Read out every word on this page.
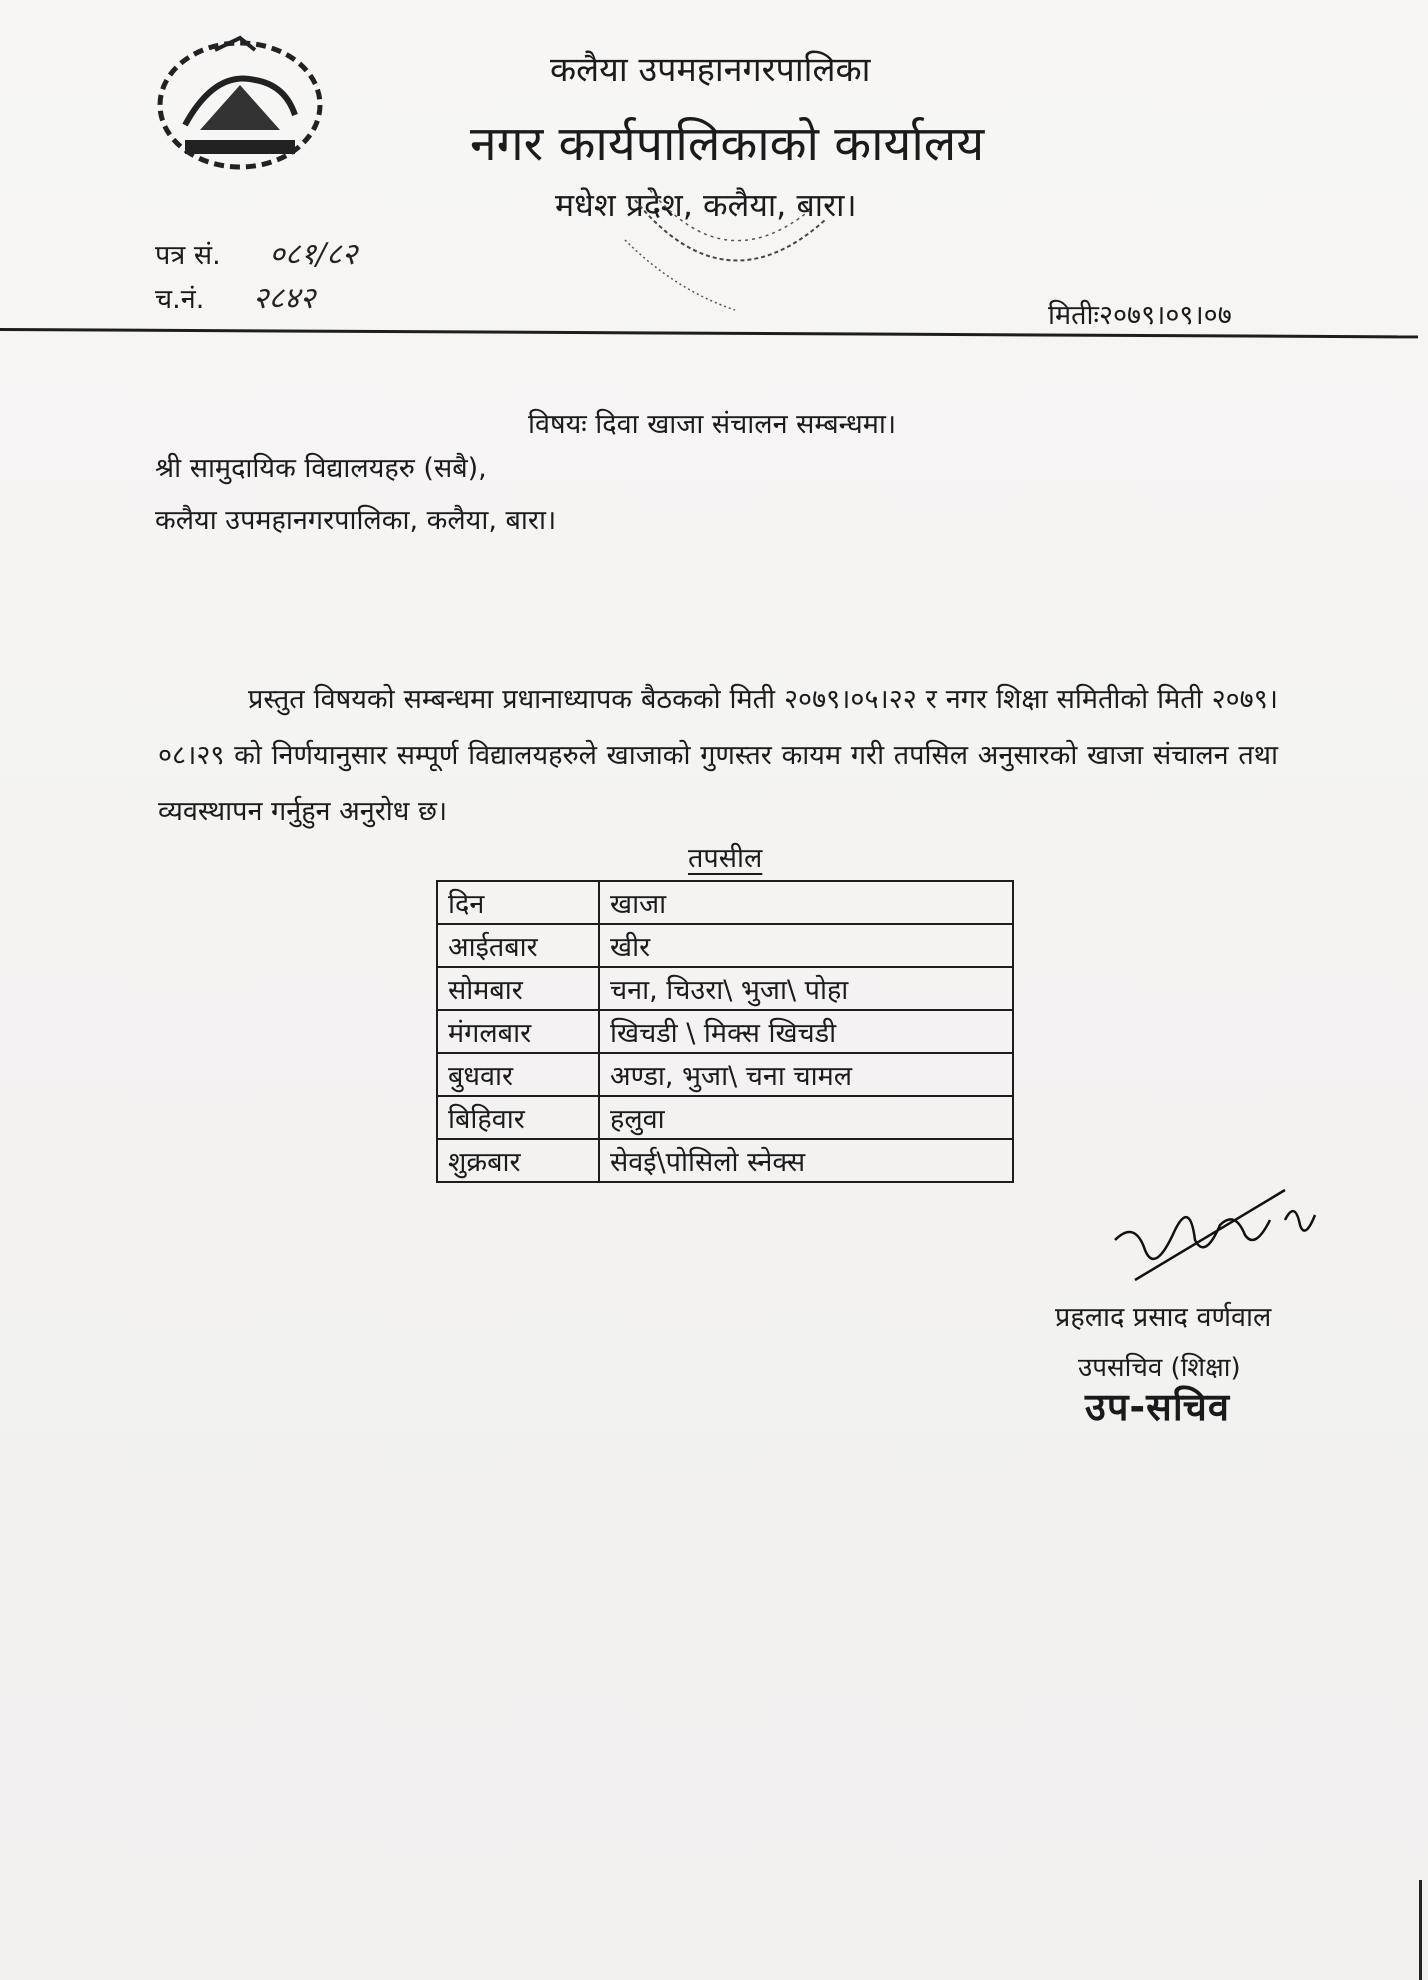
कलैया उपमहानगरपालिका
नगर कार्यपालिकाको कार्यालय
मधेश प्रदेश, कलैया, बारा।
पत्र सं. ०८१/८२
च.नं. २८४२	मितीः२०७९।०९।०७
विषयः दिवा खाजा संचालन सम्बन्धमा।
श्री सामुदायिक विद्यालयहरु (सबै),
कलैया उपमहानगरपालिका, कलैया, बारा।

प्रस्तुत विषयको सम्बन्धमा प्रधानाध्यापक बैठकको मिती २०७९।०५।२२ र नगर शिक्षा समितीको मिती २०७९।०८।२९ को निर्णयानुसार सम्पूर्ण विद्यालयहरुले खाजाको गुणस्तर कायम गरी तपसिल अनुसारको खाजा संचालन तथा व्यवस्थापन गर्नुहुन अनुरोध छ।

तपसील
दिन	खाजा
आईतबार	खीर
सोमबार	चना, चिउरा\ भुजा\ पोहा
मंगलबार	खिचडी \ मिक्स खिचडी
बुधवार	अण्डा, भुजा\ चना चामल
बिहिवार	हलुवा
शुक्रबार	सेवई\पोसिलो स्नेक्स
प्रहलाद प्रसाद वर्णवाल
उपसचिव (शिक्षा)
उप-सचिव
